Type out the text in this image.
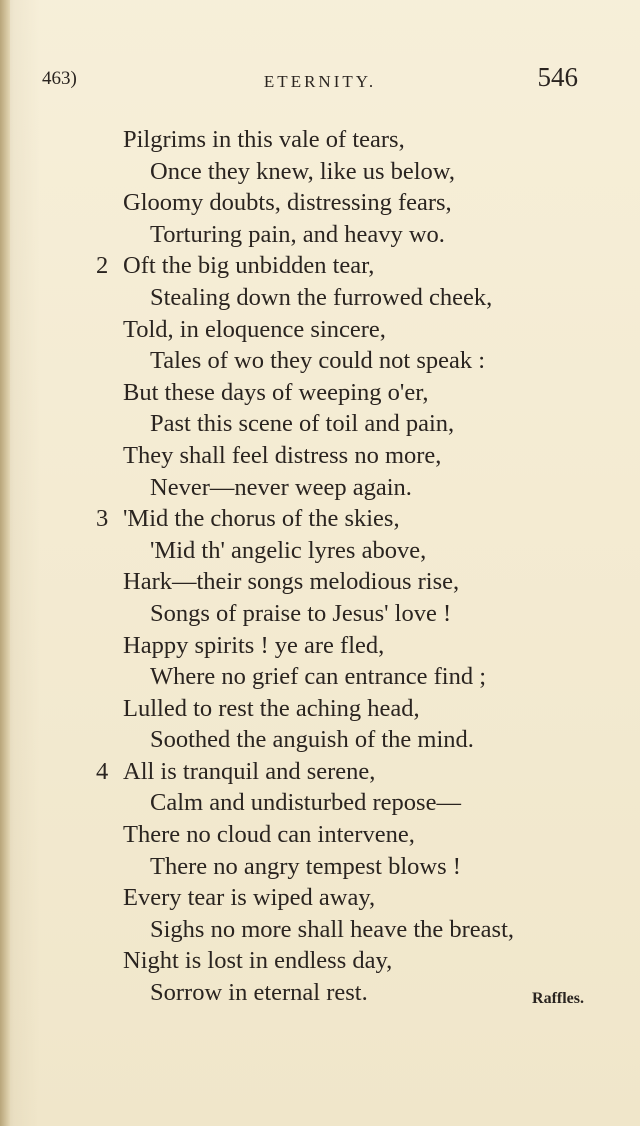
463)	ETERNITY.	546
Pilgrims in this vale of tears,
Once they knew, like us below,
Gloomy doubts, distressing fears,
Torturing pain, and heavy wo.
2 Oft the big unbidden tear,
Stealing down the furrowed cheek,
Told, in eloquence sincere,
Tales of wo they could not speak :
But these days of weeping o'er,
Past this scene of toil and pain,
They shall feel distress no more,
Never—never weep again.
3 'Mid the chorus of the skies,
'Mid th' angelic lyres above,
Hark—their songs melodious rise,
Songs of praise to Jesus' love !
Happy spirits ! ye are fled,
Where no grief can entrance find ;
Lulled to rest the aching head,
Soothed the anguish of the mind.
4 All is tranquil and serene,
Calm and undisturbed repose—
There no cloud can intervene,
There no angry tempest blows !
Every tear is wiped away,
Sighs no more shall heave the breast,
Night is lost in endless day,
Sorrow in eternal rest.	Raffles.
